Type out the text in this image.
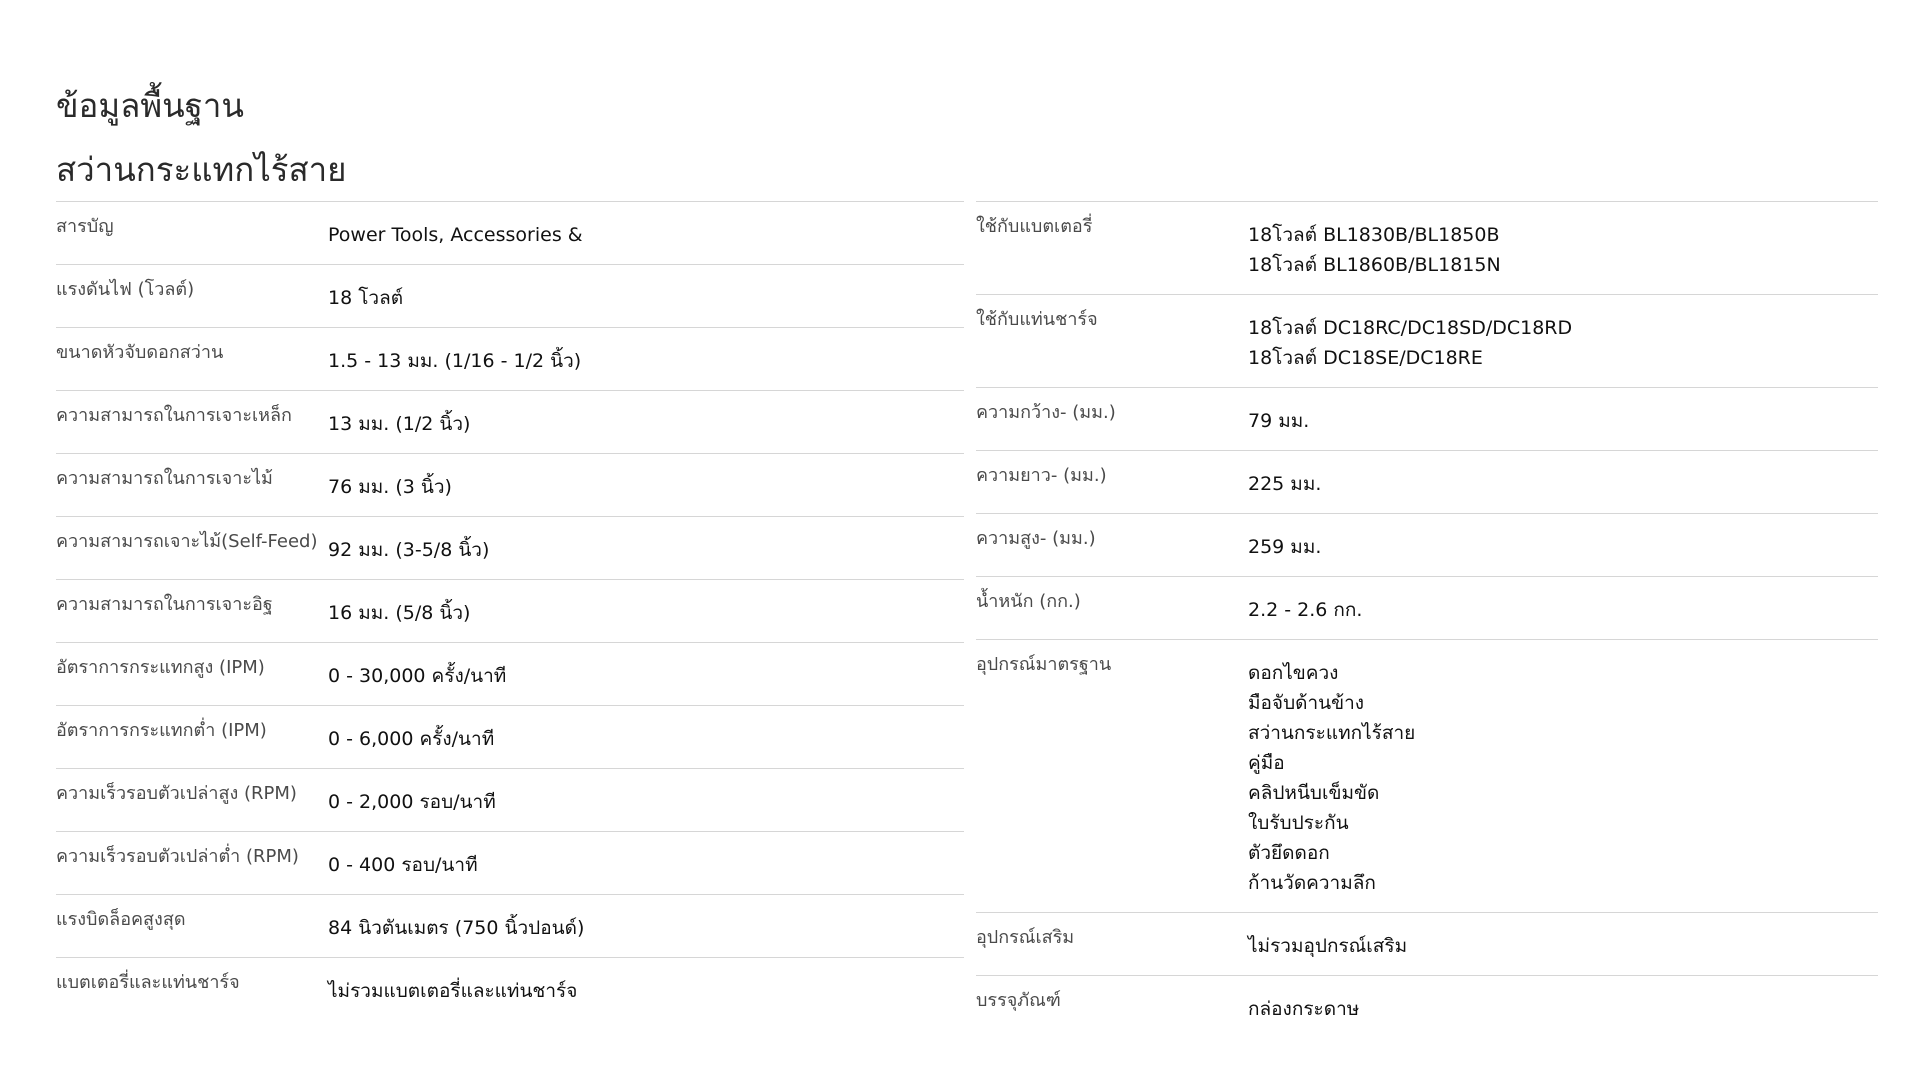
ข้อมูลพื้นฐาน
สว่านกระแทกไร้สาย
สารบัญ	Power Tools, Accessories &
แรงดันไฟ (โวลต์)	18 โวลต์
ขนาดหัวจับดอกสว่าน	1.5 - 13 มม. (1/16 - 1/2 นิ้ว)
ความสามารถในการเจาะเหล็ก	13 มม. (1/2 นิ้ว)
ความสามารถในการเจาะไม้	76 มม. (3 นิ้ว)
ความสามารถเจาะไม้(Self-Feed) 92 มม. (3-5/8 นิ้ว)
ความสามารถในการเจาะอิฐ	16 มม. (5/8 นิ้ว)
อัตราการกระแทกสูง (IPM)	0 - 30,000 ครั้ง/นาที
อัตราการกระแทกต่ำ (IPM)	0 - 6,000 ครั้ง/นาที
ความเร็วรอบตัวเปล่าสูง (RPM)	0 - 2,000 รอบ/นาที
ความเร็วรอบตัวเปล่าต่ำ (RPM)	0 - 400 รอบ/นาที
แรงบิดล็อคสูงสุด	84 นิวตันเมตร (750 นิ้วปอนด์)
แบตเตอรี่และแท่นชาร์จ	ไม่รวมแบตเตอรี่และแท่นชาร์จ
ใช้กับแบตเตอรี่	18โวลต์ BL1830B/BL1850B
18โวลต์ BL1860B/BL1815N
ใช้กับแท่นชาร์จ	18โวลต์ DC18RC/DC18SD/DC18RD
18โวลต์ DC18SE/DC18RE
ความกว้าง- (มม.)	79 มม.
ความยาว- (มม.)	225 มม.
ความสูง- (มม.)	259 มม.
น้ำหนัก (กก.)	2.2 - 2.6 กก.
อุปกรณ์มาตรฐาน	ดอกไขควง
มือจับด้านข้าง
สว่านกระแทกไร้สาย
คู่มือ
คลิปหนีบเข็มขัด
ใบรับประกัน
ตัวยึดดอก
ก้านวัดความลึก
อุปกรณ์เสริม	ไม่รวมอุปกรณ์เสริม
บรรจุภัณฑ์	กล่องกระดาษ
